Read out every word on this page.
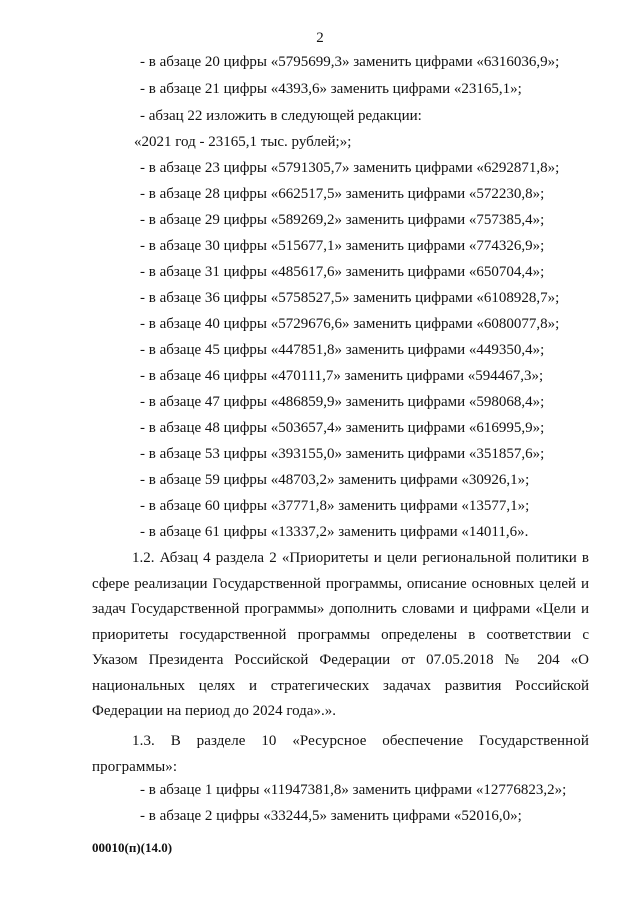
2
- в абзаце 20 цифры «5795699,3» заменить цифрами «6316036,9»;
- в абзаце 21 цифры «4393,6» заменить цифрами «23165,1»;
- абзац 22 изложить в следующей редакции:
«2021 год - 23165,1 тыс. рублей;»;
- в абзаце 23 цифры «5791305,7» заменить цифрами «6292871,8»;
- в абзаце 28 цифры «662517,5» заменить цифрами «572230,8»;
- в абзаце 29 цифры «589269,2» заменить цифрами «757385,4»;
- в абзаце 30 цифры «515677,1» заменить цифрами «774326,9»;
- в абзаце 31 цифры «485617,6» заменить цифрами «650704,4»;
- в абзаце 36 цифры «5758527,5» заменить цифрами «6108928,7»;
- в абзаце 40 цифры «5729676,6» заменить цифрами «6080077,8»;
- в абзаце 45 цифры «447851,8» заменить цифрами «449350,4»;
- в абзаце 46 цифры «470111,7» заменить цифрами «594467,3»;
- в абзаце 47 цифры «486859,9» заменить цифрами «598068,4»;
- в абзаце 48 цифры «503657,4» заменить цифрами «616995,9»;
- в абзаце 53 цифры «393155,0» заменить цифрами «351857,6»;
- в абзаце 59 цифры «48703,2» заменить цифрами «30926,1»;
- в абзаце 60 цифры «37771,8» заменить цифрами «13577,1»;
- в абзаце 61 цифры «13337,2» заменить цифрами «14011,6».
1.2. Абзац 4 раздела 2 «Приоритеты и цели региональной политики в сфере реализации Государственной программы, описание основных целей и задач Государственной программы» дополнить словами и цифрами «Цели и приоритеты государственной программы определены в соответствии с Указом Президента Российской Федерации от 07.05.2018 № 204 «О национальных целях и стратегических задачах развития Российской Федерации на период до 2024 года».».
1.3. В разделе 10 «Ресурсное обеспечение Государственной программы»:
- в абзаце 1 цифры «11947381,8» заменить цифрами «12776823,2»;
- в абзаце 2 цифры «33244,5» заменить цифрами «52016,0»;
00010(п)(14.0)
